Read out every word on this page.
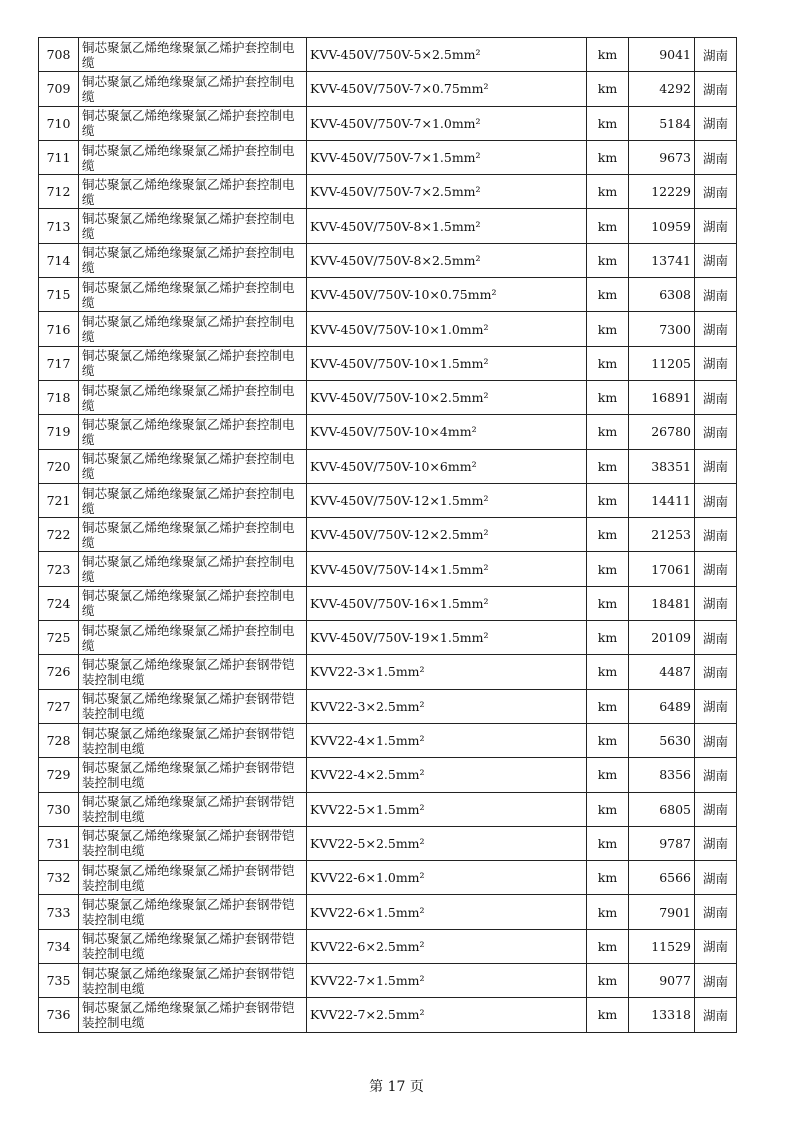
708	铜芯聚氯乙烯绝缘聚氯乙烯护套控制电缆	KVV-450V/750V-5×2.5mm²	km	9041	湖南
709	铜芯聚氯乙烯绝缘聚氯乙烯护套控制电缆	KVV-450V/750V-7×0.75mm²	km	4292	湖南
710	铜芯聚氯乙烯绝缘聚氯乙烯护套控制电缆	KVV-450V/750V-7×1.0mm²	km	5184	湖南
711	铜芯聚氯乙烯绝缘聚氯乙烯护套控制电缆	KVV-450V/750V-7×1.5mm²	km	9673	湖南
712	铜芯聚氯乙烯绝缘聚氯乙烯护套控制电缆	KVV-450V/750V-7×2.5mm²	km	12229	湖南
713	铜芯聚氯乙烯绝缘聚氯乙烯护套控制电缆	KVV-450V/750V-8×1.5mm²	km	10959	湖南
714	铜芯聚氯乙烯绝缘聚氯乙烯护套控制电缆	KVV-450V/750V-8×2.5mm²	km	13741	湖南
715	铜芯聚氯乙烯绝缘聚氯乙烯护套控制电缆	KVV-450V/750V-10×0.75mm²	km	6308	湖南
716	铜芯聚氯乙烯绝缘聚氯乙烯护套控制电缆	KVV-450V/750V-10×1.0mm²	km	7300	湖南
717	铜芯聚氯乙烯绝缘聚氯乙烯护套控制电缆	KVV-450V/750V-10×1.5mm²	km	11205	湖南
718	铜芯聚氯乙烯绝缘聚氯乙烯护套控制电缆	KVV-450V/750V-10×2.5mm²	km	16891	湖南
719	铜芯聚氯乙烯绝缘聚氯乙烯护套控制电缆	KVV-450V/750V-10×4mm²	km	26780	湖南
720	铜芯聚氯乙烯绝缘聚氯乙烯护套控制电缆	KVV-450V/750V-10×6mm²	km	38351	湖南
721	铜芯聚氯乙烯绝缘聚氯乙烯护套控制电缆	KVV-450V/750V-12×1.5mm²	km	14411	湖南
722	铜芯聚氯乙烯绝缘聚氯乙烯护套控制电缆	KVV-450V/750V-12×2.5mm²	km	21253	湖南
723	铜芯聚氯乙烯绝缘聚氯乙烯护套控制电缆	KVV-450V/750V-14×1.5mm²	km	17061	湖南
724	铜芯聚氯乙烯绝缘聚氯乙烯护套控制电缆	KVV-450V/750V-16×1.5mm²	km	18481	湖南
725	铜芯聚氯乙烯绝缘聚氯乙烯护套控制电缆	KVV-450V/750V-19×1.5mm²	km	20109	湖南
726	铜芯聚氯乙烯绝缘聚氯乙烯护套钢带铠装控制电缆	KVV22-3×1.5mm²	km	4487	湖南
727	铜芯聚氯乙烯绝缘聚氯乙烯护套钢带铠装控制电缆	KVV22-3×2.5mm²	km	6489	湖南
728	铜芯聚氯乙烯绝缘聚氯乙烯护套钢带铠装控制电缆	KVV22-4×1.5mm²	km	5630	湖南
729	铜芯聚氯乙烯绝缘聚氯乙烯护套钢带铠装控制电缆	KVV22-4×2.5mm²	km	8356	湖南
730	铜芯聚氯乙烯绝缘聚氯乙烯护套钢带铠装控制电缆	KVV22-5×1.5mm²	km	6805	湖南
731	铜芯聚氯乙烯绝缘聚氯乙烯护套钢带铠装控制电缆	KVV22-5×2.5mm²	km	9787	湖南
732	铜芯聚氯乙烯绝缘聚氯乙烯护套钢带铠装控制电缆	KVV22-6×1.0mm²	km	6566	湖南
733	铜芯聚氯乙烯绝缘聚氯乙烯护套钢带铠装控制电缆	KVV22-6×1.5mm²	km	7901	湖南
734	铜芯聚氯乙烯绝缘聚氯乙烯护套钢带铠装控制电缆	KVV22-6×2.5mm²	km	11529	湖南
735	铜芯聚氯乙烯绝缘聚氯乙烯护套钢带铠装控制电缆	KVV22-7×1.5mm²	km	9077	湖南
736	铜芯聚氯乙烯绝缘聚氯乙烯护套钢带铠装控制电缆	KVV22-7×2.5mm²	km	13318	湖南
第 17 页
